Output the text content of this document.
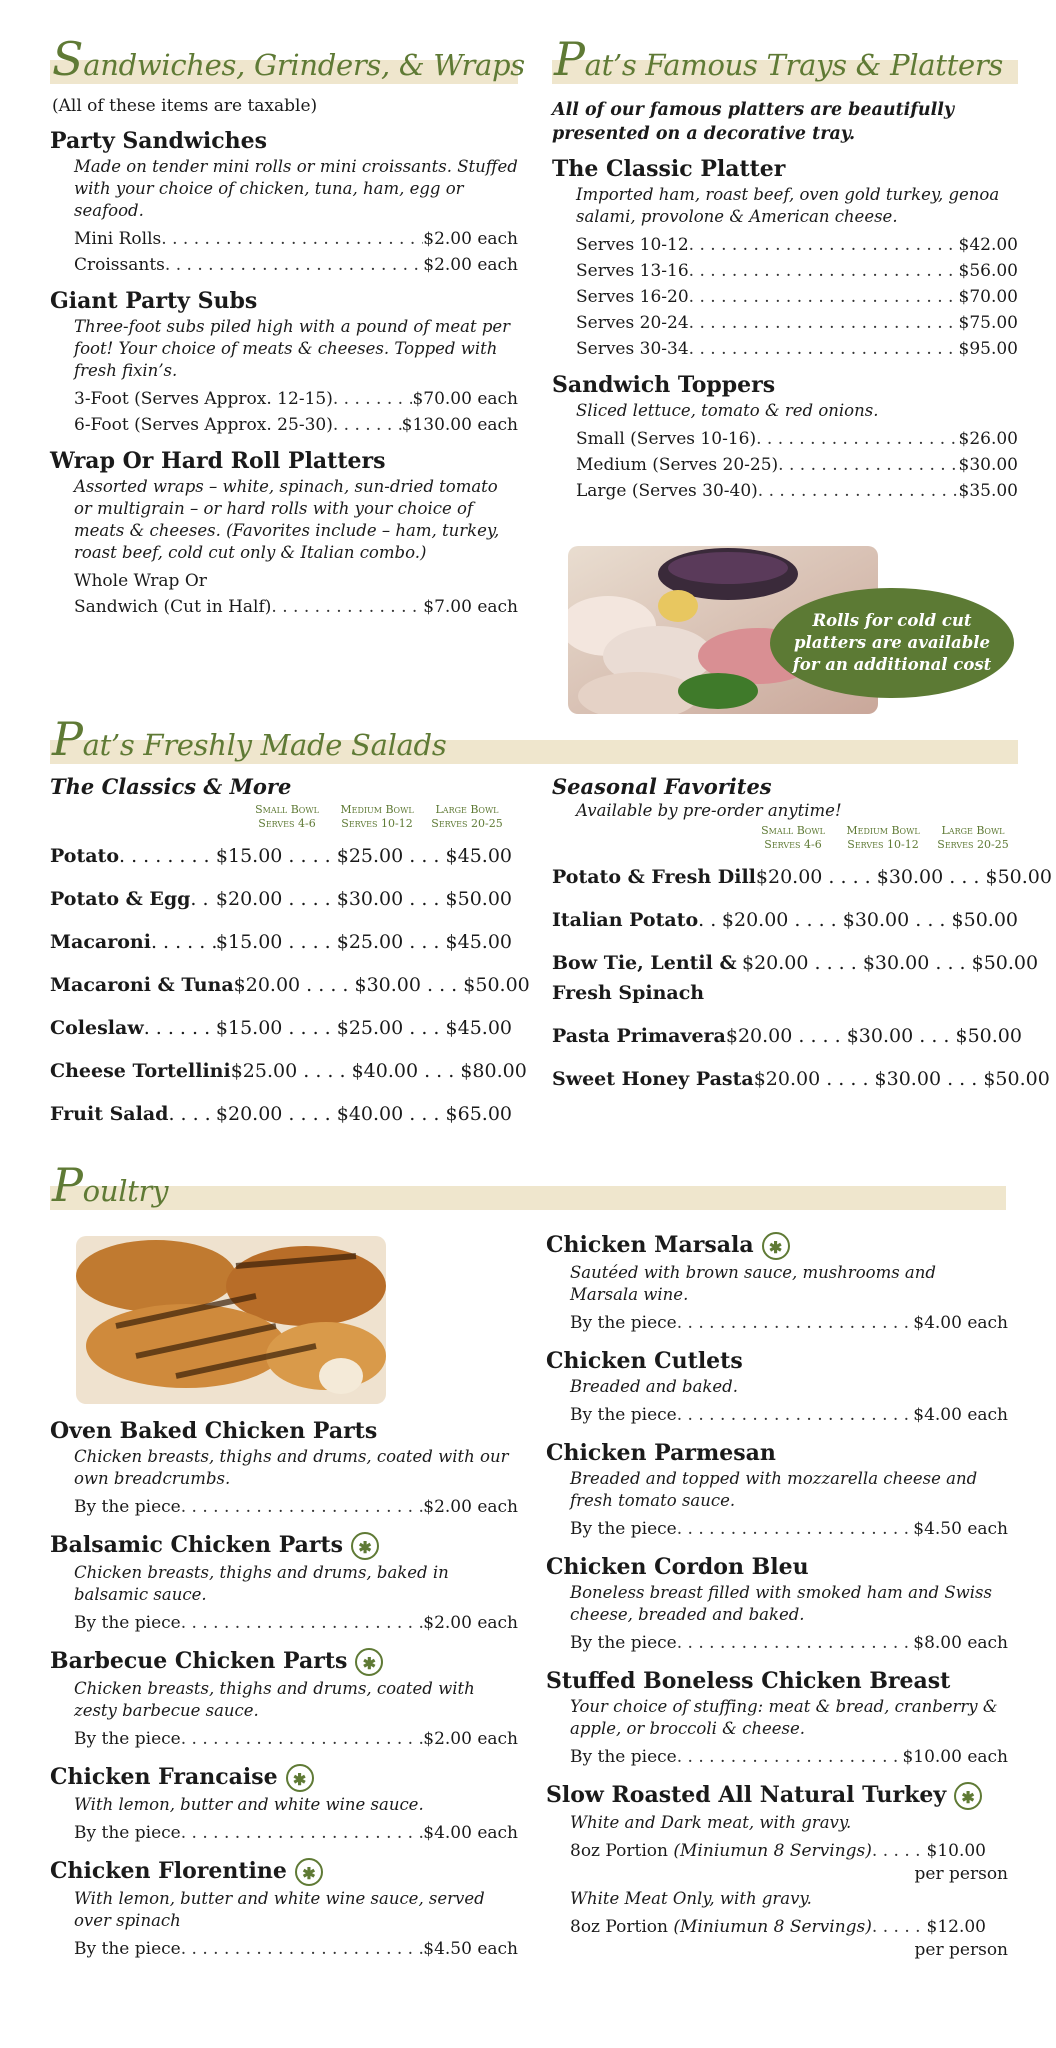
Sandwiches, Grinders, & Wraps
(All of these items are taxable)
Party Sandwiches
Made on tender mini rolls or mini croissants. Stuffed with your choice of chicken, tuna, ham, egg or seafood.
Mini Rolls . . .	$2.00 each
Croissants . . .	$2.00 each
Giant Party Subs
Three-foot subs piled high with a pound of meat per foot! Your choice of meats & cheeses. Topped with fresh fixin’s.
3-Foot (Serves Approx. 12-15) . . .	$70.00 each
6-Foot (Serves Approx. 25-30) . . .	$130.00 each
Wrap Or Hard Roll Platters
Assorted wraps – white, spinach, sun-dried tomato or multigrain – or hard rolls with your choice of meats & cheeses. (Favorites include – ham, turkey, roast beef, cold cut only & Italian combo.)
Whole Wrap Or
Sandwich (Cut in Half) . . .	$7.00 each
Pat’s Famous Trays & Platters
All of our famous platters are beautifully presented on a decorative tray.
The Classic Platter
Imported ham, roast beef, oven gold turkey, genoa salami, provolone & American cheese.
Serves 10-12 . . .	$42.00
Serves 13-16 . . .	$56.00
Serves 16-20 . . .	$70.00
Serves 20-24 . . .	$75.00
Serves 30-34 . . .	$95.00
Sandwich Toppers
Sliced lettuce, tomato & red onions.
Small (Serves 10-16) . . .	$26.00
Medium (Serves 20-25) . . .	$30.00
Large (Serves 30-40) . . .	$35.00
Rolls for cold cut platters are available for an additional cost
Pat’s Freshly Made Salads
The Classics & More
Small Bowl
Serves 4-6
Medium Bowl
Serves 10-12
Large Bowl
Serves 20-25
Potato . . .	$15.00 . . . . $25.00 . . . $45.00
Potato & Egg . . . $20.00 . . . . $30.00 . . . $50.00
Macaroni . . .	$15.00 . . . . $25.00 . . . $45.00
Macaroni & Tuna $20.00 . . . . $30.00 . . . $50.00
Coleslaw . . .	$15.00 . . . . $25.00 . . . $45.00
Cheese Tortellini $25.00 . . . . $40.00 . . . $80.00
Fruit Salad . . . $20.00 . . . . $40.00 . . . $65.00
Seasonal Favorites
Available by pre-order anytime!
Small Bowl
Serves 4-6
Medium Bowl
Serves 10-12
Large Bowl
Serves 20-25
Potato & Fresh Dill $20.00 . . . . $30.00 . . . $50.00
Italian Potato . . . $20.00 . . . . $30.00 . . . $50.00
Bow Tie, Lentil & Fresh Spinach
$20.00 . . . . $30.00 . . . $50.00
Pasta Primavera $20.00 . . . . $30.00 . . . $50.00
Sweet Honey Pasta $20.00 . . . . $30.00 . . . $50.00
Poultry
Oven Baked Chicken Parts
Chicken breasts, thighs and drums, coated with our own breadcrumbs.
By the piece . . .	$2.00 each
Balsamic Chicken Parts ✱
Chicken breasts, thighs and drums, baked in balsamic sauce.
By the piece . . .	$2.00 each
Barbecue Chicken Parts ✱
Chicken breasts, thighs and drums, coated with zesty barbecue sauce.
By the piece . . .	$2.00 each
Chicken Francaise ✱
With lemon, butter and white wine sauce.
By the piece . . .	$4.00 each
Chicken Florentine ✱
With lemon, butter and white wine sauce, served over spinach
By the piece . . .	$4.50 each
Chicken Marsala ✱
Sautéed with brown sauce, mushrooms and Marsala wine.
By the piece . . .	$4.00 each
Chicken Cutlets
Breaded and baked.
By the piece . . .	$4.00 each
Chicken Parmesan
Breaded and topped with mozzarella cheese and fresh tomato sauce.
By the piece . . .	$4.50 each
Chicken Cordon Bleu
Boneless breast filled with smoked ham and Swiss cheese, breaded and baked.
By the piece . . .	$8.00 each
Stuffed Boneless Chicken Breast
Your choice of stuffing: meat & bread, cranberry & apple, or broccoli & cheese.
By the piece . . .	$10.00 each
Slow Roasted All Natural Turkey ✱
White and Dark meat, with gravy.
8oz Portion (Miniumun 8 Servings) . . .	$10.00
per person
White Meat Only, with gravy.
8oz Portion (Miniumun 8 Servings) . . .	$12.00
per person
